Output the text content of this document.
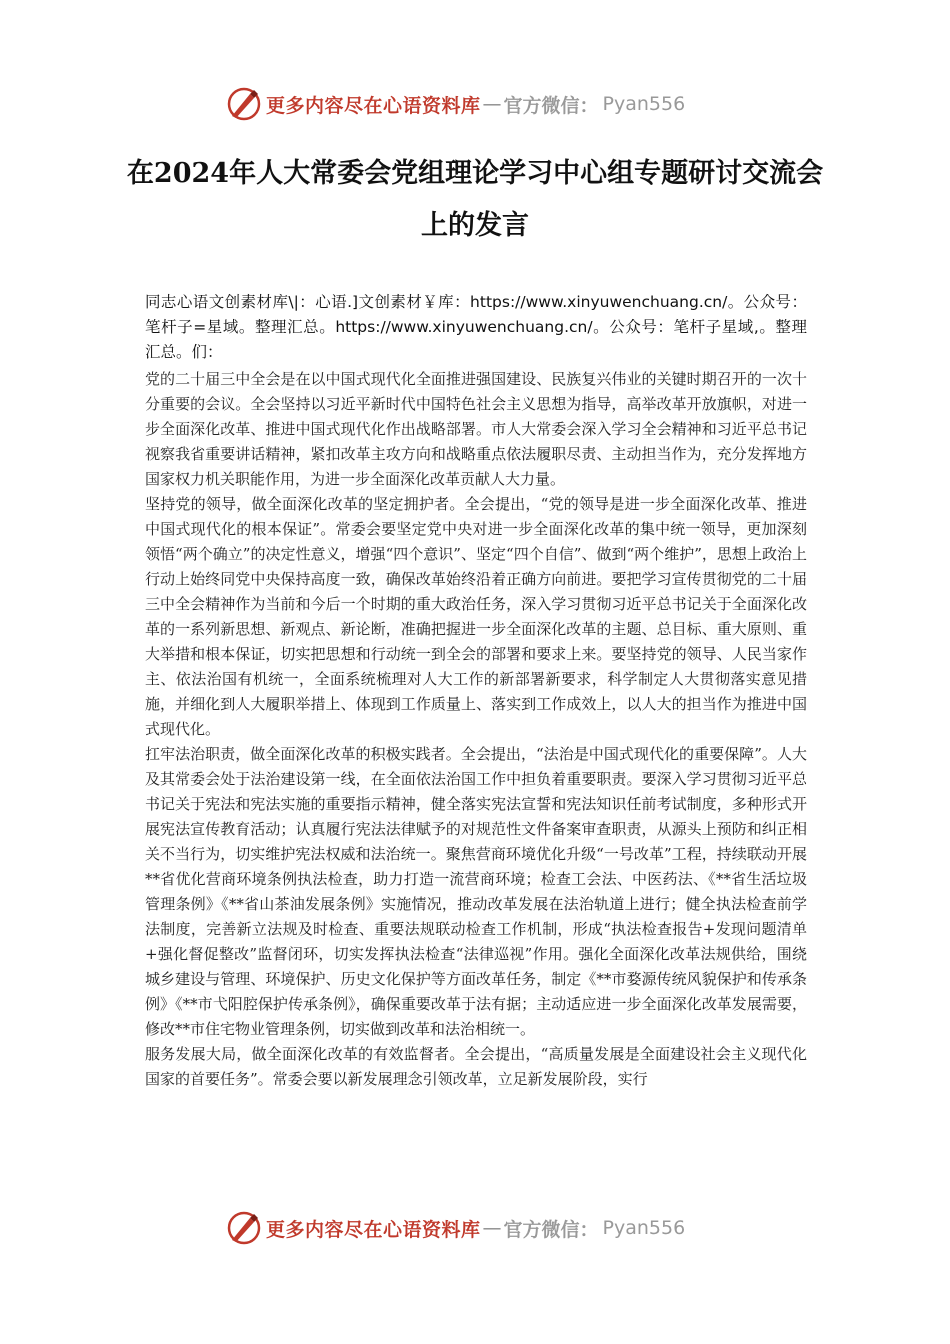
更多内容尽在心语资料库 — 官方微信： Pyan556
在2024年人大常委会党组理论学习中心组专题研讨交流会上的发言

同志心语文创素材库\|：心语.]文创素材￥库：https://www.xinyuwenchuang.cn/。公众号：笔杆子=星域。整理汇总。https://www.xinyuwenchuang.cn/。公众号：笔杆子星域,。整理汇总。们：

党的二十届三中全会是在以中国式现代化全面推进强国建设、民族复兴伟业的关键时期召开的一次十分重要的会议。全会坚持以习近平新时代中国特色社会主义思想为指导，高举改革开放旗帜，对进一步全面深化改革、推进中国式现代化作出战略部署。市人大常委会深入学习全会精神和习近平总书记视察我省重要讲话精神，紧扣改革主攻方向和战略重点依法履职尽责、主动担当作为，充分发挥地方国家权力机关职能作用，为进一步全面深化改革贡献人大力量。

坚持党的领导，做全面深化改革的坚定拥护者。全会提出，“党的领导是进一步全面深化改革、推进中国式现代化的根本保证”。常委会要坚定党中央对进一步全面深化改革的集中统一领导，更加深刻领悟“两个确立”的决定性意义，增强“四个意识”、坚定“四个自信”、做到“两个维护”，思想上政治上行动上始终同党中央保持高度一致，确保改革始终沿着正确方向前进。要把学习宣传贯彻党的二十届三中全会精神作为当前和今后一个时期的重大政治任务，深入学习贯彻习近平总书记关于全面深化改革的一系列新思想、新观点、新论断，准确把握进一步全面深化改革的主题、总目标、重大原则、重大举措和根本保证，切实把思想和行动统一到全会的部署和要求上来。要坚持党的领导、人民当家作主、依法治国有机统一，全面系统梳理对人大工作的新部署新要求，科学制定人大贯彻落实意见措施，并细化到人大履职举措上、体现到工作质量上、落实到工作成效上，以人大的担当作为推进中国式现代化。

扛牢法治职责，做全面深化改革的积极实践者。全会提出，“法治是中国式现代化的重要保障”。人大及其常委会处于法治建设第一线，在全面依法治国工作中担负着重要职责。要深入学习贯彻习近平总书记关于宪法和宪法实施的重要指示精神，健全落实宪法宣誓和宪法知识任前考试制度，多种形式开展宪法宣传教育活动；认真履行宪法法律赋予的对规范性文件备案审查职责，从源头上预防和纠正相关不当行为，切实维护宪法权威和法治统一。聚焦营商环境优化升级“一号改革”工程，持续联动开展**省优化营商环境条例执法检查，助力打造一流营商环境；检查工会法、中医药法、《**省生活垃圾管理条例》《**省山茶油发展条例》实施情况，推动改革发展在法治轨道上进行；健全执法检查前学法制度，完善新立法规及时检查、重要法规联动检查工作机制，形成“执法检查报告+发现问题清单+强化督促整改”监督闭环，切实发挥执法检查“法律巡视”作用。强化全面深化改革法规供给，围绕城乡建设与管理、环境保护、历史文化保护等方面改革任务，制定《**市婺源传统风貌保护和传承条例》《**市弋阳腔保护传承条例》，确保重要改革于法有据；主动适应进一步全面深化改革发展需要，修改**市住宅物业管理条例，切实做到改革和法治相统一。

服务发展大局，做全面深化改革的有效监督者。全会提出，“高质量发展是全面建设社会主义现代化国家的首要任务”。常委会要以新发展理念引领改革，立足新发展阶段，实行

更多内容尽在心语资料库 — 官方微信： Pyan556
